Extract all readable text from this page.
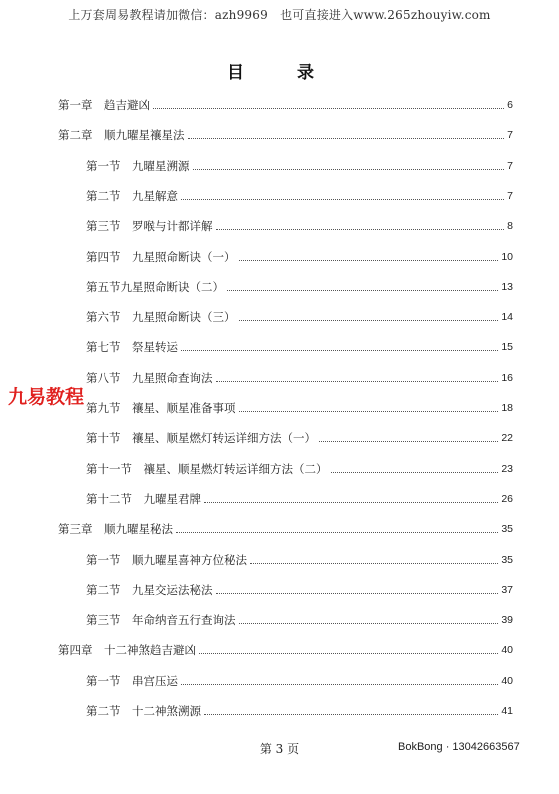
上万套周易教程请加微信：azh9969　也可直接进入www.265zhouyiw.com
目　录
第一章　趋吉避凶	6
第二章　顺九曜星禳星法	7
第一节　九曜星溯源	7
第二节　九星解意	7
第三节　罗喉与计都详解	8
第四节　九星照命断诀（一）	10
第五节九星照命断诀（二）	13
第六节　九星照命断诀（三）	14
第七节　祭星转运	15
第八节　九星照命查询法	16
第九节　禳星、顺星准备事项	18
第十节　禳星、顺星燃灯转运详细方法（一）	22
第十一节　禳星、顺星燃灯转运详细方法（二）	23
第十二节　九曜星君牌	26
第三章　顺九曜星秘法	35
第一节　顺九曜星喜神方位秘法	35
第二节　九星交运法秘法	37
第三节　年命纳音五行查询法	39
第四章　十二神煞趋吉避凶	40
第一节　串宫压运	40
第二节　十二神煞溯源	41
九易教程
第 3 页	BokBong · 13042663567
